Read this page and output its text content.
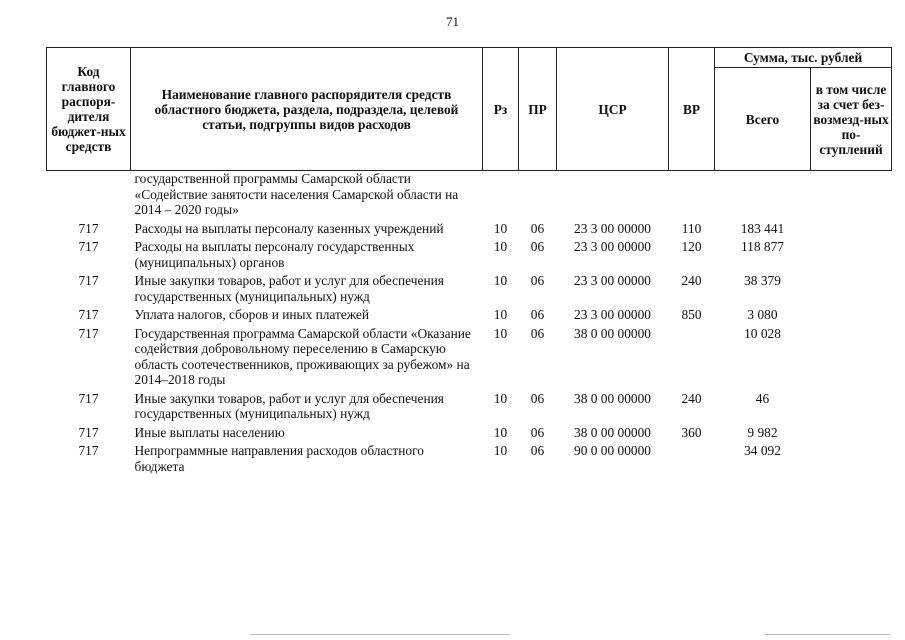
71
Код главного распоря-дителя бюджет-ных средств	Наименование главного распорядителя средств областного бюджета, раздела, подраздела, целевой статьи, подгруппы видов расходов	Рз	ПР	ЦСР	ВР	Сумма, тыс. рублей	
						Всего	в том числе за счет без-возмезд-ных по-ступлений
	государственной программы Самарской области «Содействие занятости населения Самарской области на 2014 – 2020 годы»						
717	Расходы на выплаты персоналу казенных учреждений	10	06	23 3 00 00000	110	183 441	
717	Расходы на выплаты персоналу государственных (муниципальных) органов	10	06	23 3 00 00000	120	118 877	
717	Иные закупки товаров, работ и услуг для обеспечения государственных (муниципальных) нужд	10	06	23 3 00 00000	240	38 379	
717	Уплата налогов, сборов и иных платежей	10	06	23 3 00 00000	850	3 080	
717	Государственная программа Самарской области «Оказание содействия добровольному переселению в Самарскую область соотечественников, проживающих за рубежом» на 2014–2018 годы	10	06	38 0 00 00000		10 028	
717	Иные закупки товаров, работ и услуг для обеспечения государственных (муниципальных) нужд	10	06	38 0 00 00000	240	46	
717	Иные выплаты населению	10	06	38 0 00 00000	360	9 982	
717	Непрограммные направления расходов областного бюджета	10	06	90 0 00 00000		34 092	
